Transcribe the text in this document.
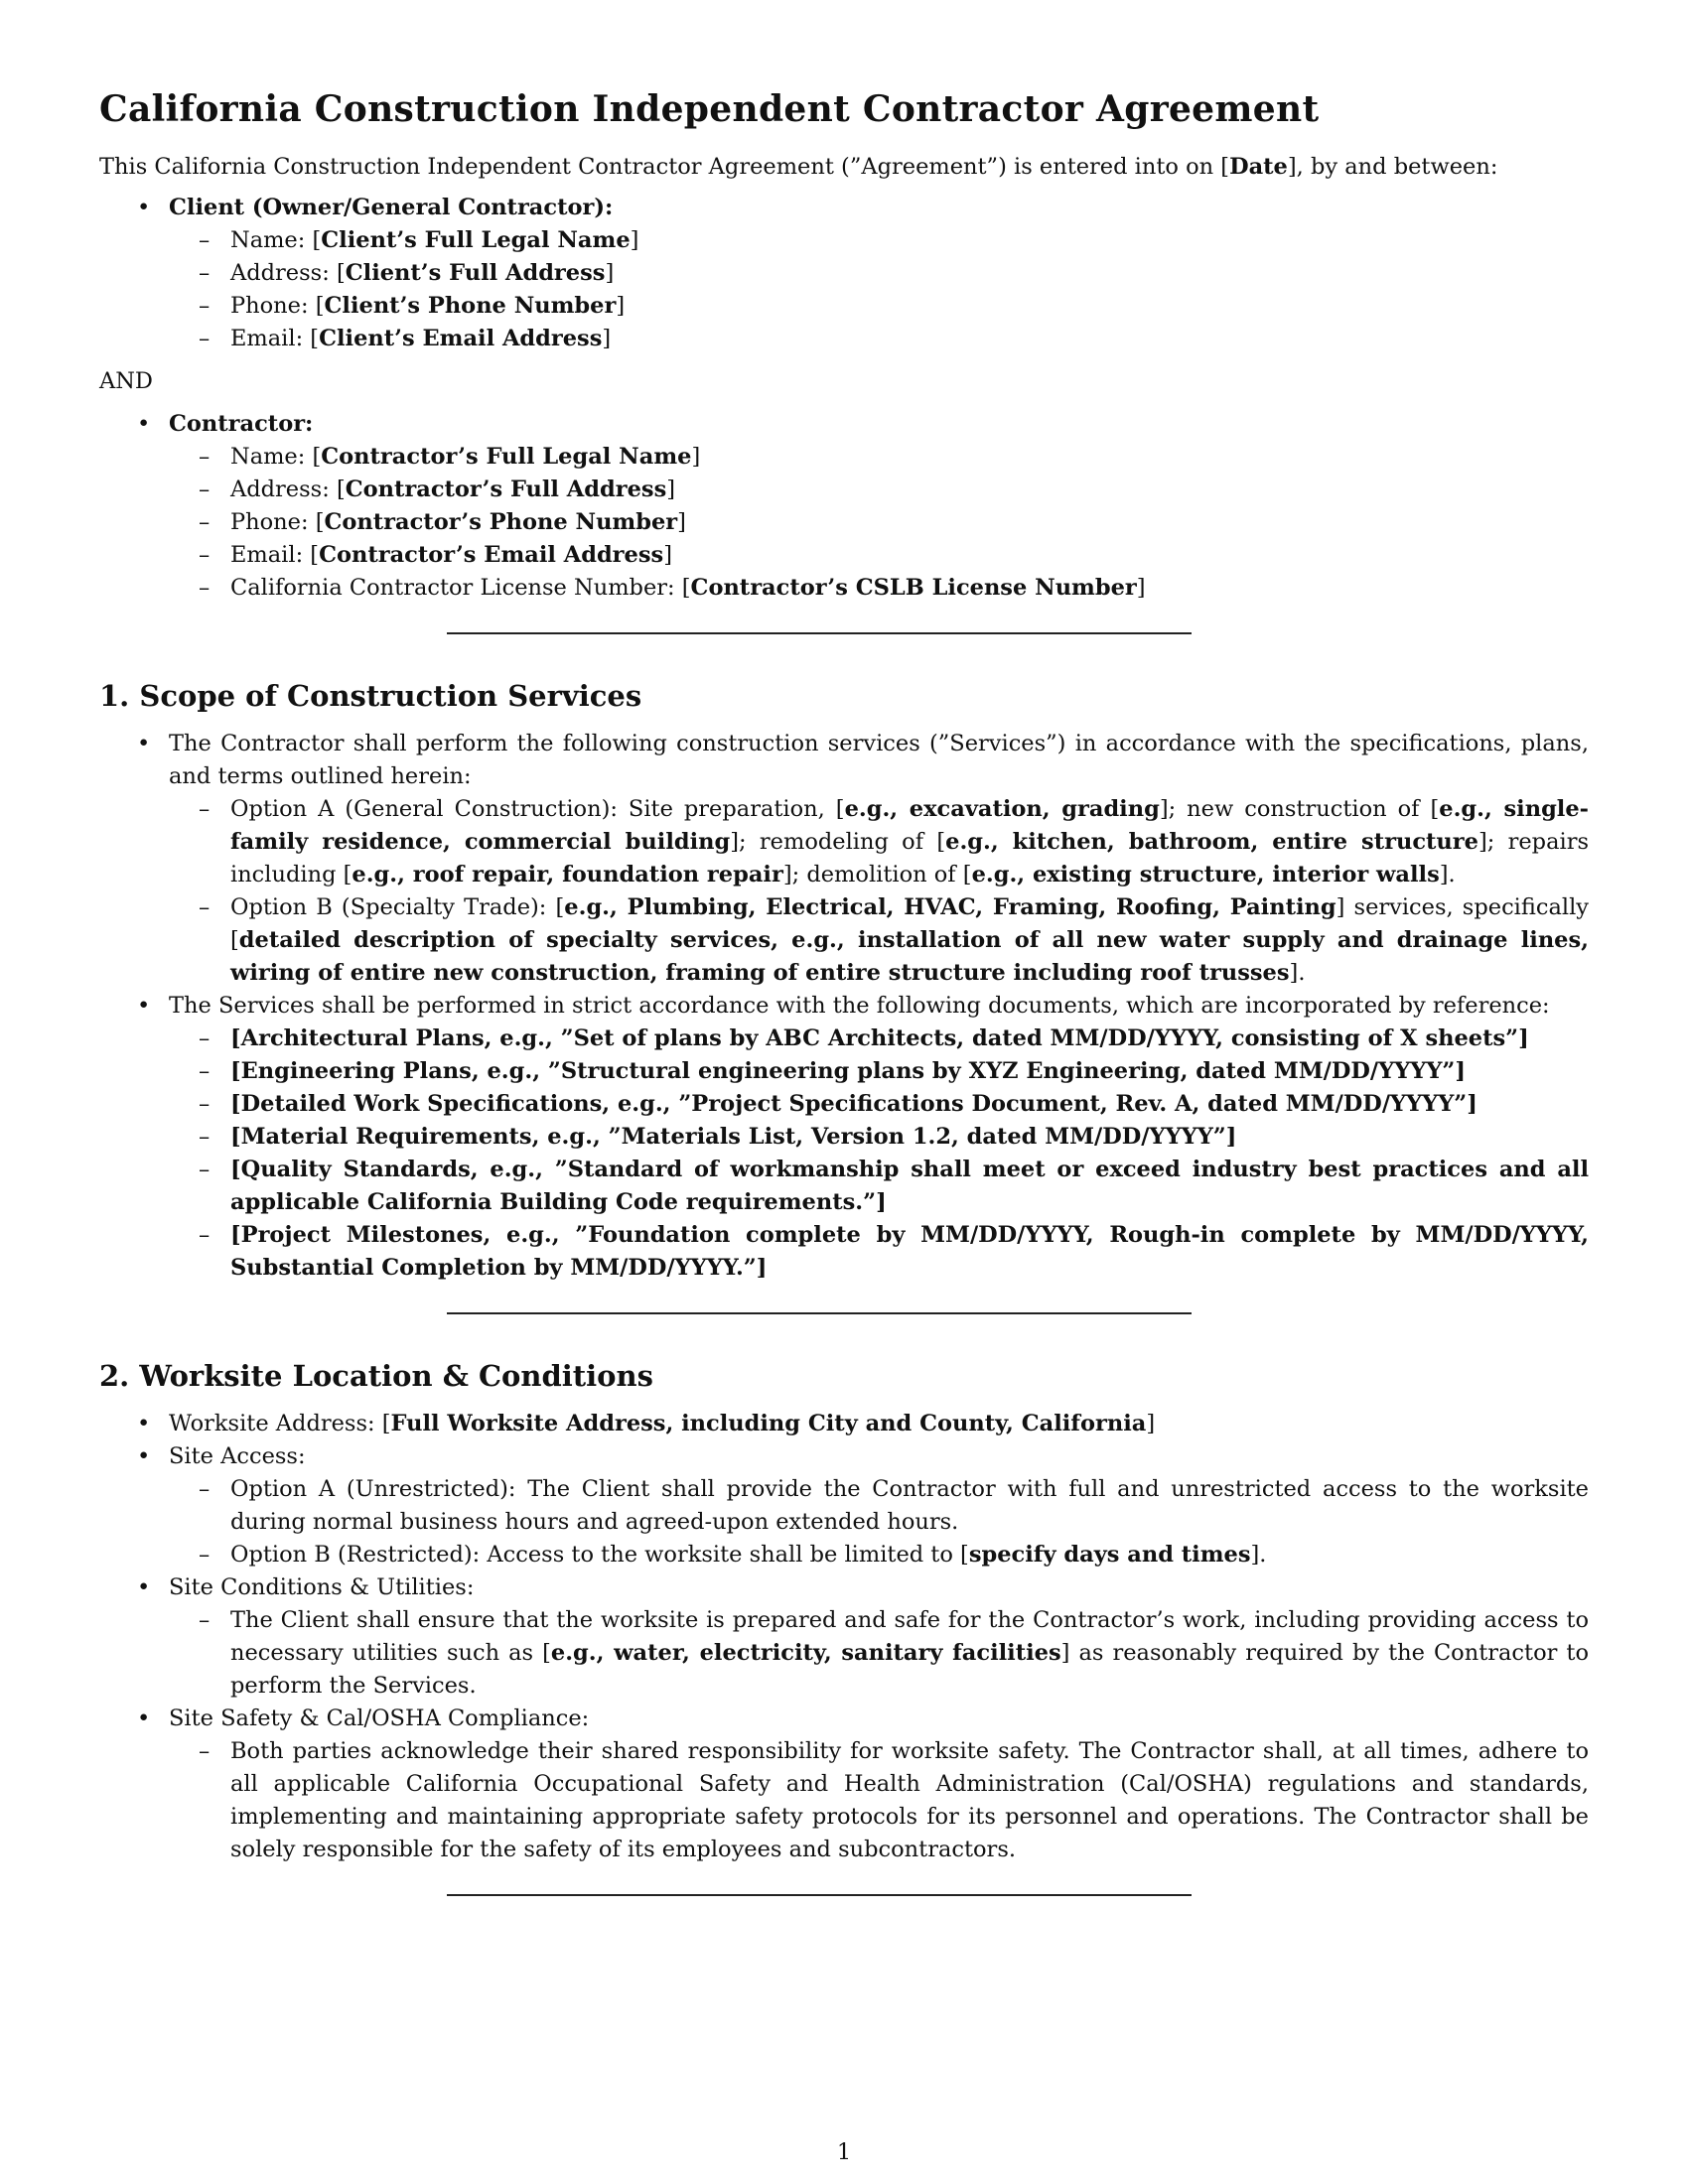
California Construction Independent Contractor Agreement

This California Construction Independent Contractor Agreement (”Agreement”) is entered into on [Date], by and between:

• Client (Owner/General Contractor):
– Name: [Client’s Full Legal Name]
– Address: [Client’s Full Address]
– Phone: [Client’s Phone Number]
– Email: [Client’s Email Address]

AND

• Contractor:
– Name: [Contractor’s Full Legal Name]
– Address: [Contractor’s Full Address]
– Phone: [Contractor’s Phone Number]
– Email: [Contractor’s Email Address]
– California Contractor License Number: [Contractor’s CSLB License Number]
1. Scope of Construction Services
• The Contractor shall perform the following construction services (”Services”) in accordance with the specifications, plans, and terms outlined herein:
– Option A (General Construction): Site preparation, [e.g., excavation, grading]; new construction of [e.g., single-family residence, commercial building]; remodeling of [e.g., kitchen, bathroom, entire structure]; repairs including [e.g., roof repair, foundation repair]; demolition of [e.g., existing structure, interior walls].
– Option B (Specialty Trade): [e.g., Plumbing, Electrical, HVAC, Framing, Roofing, Painting] services, specifically [detailed description of specialty services, e.g., installation of all new water supply and drainage lines, wiring of entire new construction, framing of entire structure including roof trusses].
• The Services shall be performed in strict accordance with the following documents, which are incorporated by reference:
– [Architectural Plans, e.g., ”Set of plans by ABC Architects, dated MM/DD/YYYY, consisting of X sheets”]
– [Engineering Plans, e.g., ”Structural engineering plans by XYZ Engineering, dated MM/DD/YYYY”]
– [Detailed Work Specifications, e.g., ”Project Specifications Document, Rev. A, dated MM/DD/YYYY”]
– [Material Requirements, e.g., ”Materials List, Version 1.2, dated MM/DD/YYYY”]
– [Quality Standards, e.g., ”Standard of workmanship shall meet or exceed industry best practices and all applicable California Building Code requirements.”]
– [Project Milestones, e.g., ”Foundation complete by MM/DD/YYYY, Rough-in complete by MM/DD/YYYY, Substantial Completion by MM/DD/YYYY.”]
2. Worksite Location & Conditions
• Worksite Address: [Full Worksite Address, including City and County, California]
• Site Access:
– Option A (Unrestricted): The Client shall provide the Contractor with full and unrestricted access to the worksite during normal business hours and agreed-upon extended hours.
– Option B (Restricted): Access to the worksite shall be limited to [specify days and times].
• Site Conditions & Utilities:
– The Client shall ensure that the worksite is prepared and safe for the Contractor’s work, including providing access to necessary utilities such as [e.g., water, electricity, sanitary facilities] as reasonably required by the Contractor to perform the Services.
• Site Safety & Cal/OSHA Compliance:
– Both parties acknowledge their shared responsibility for worksite safety. The Contractor shall, at all times, adhere to all applicable California Occupational Safety and Health Administration (Cal/OSHA) regulations and standards, implementing and maintaining appropriate safety protocols for its personnel and operations. The Contractor shall be solely responsible for the safety of its employees and subcontractors.
1
